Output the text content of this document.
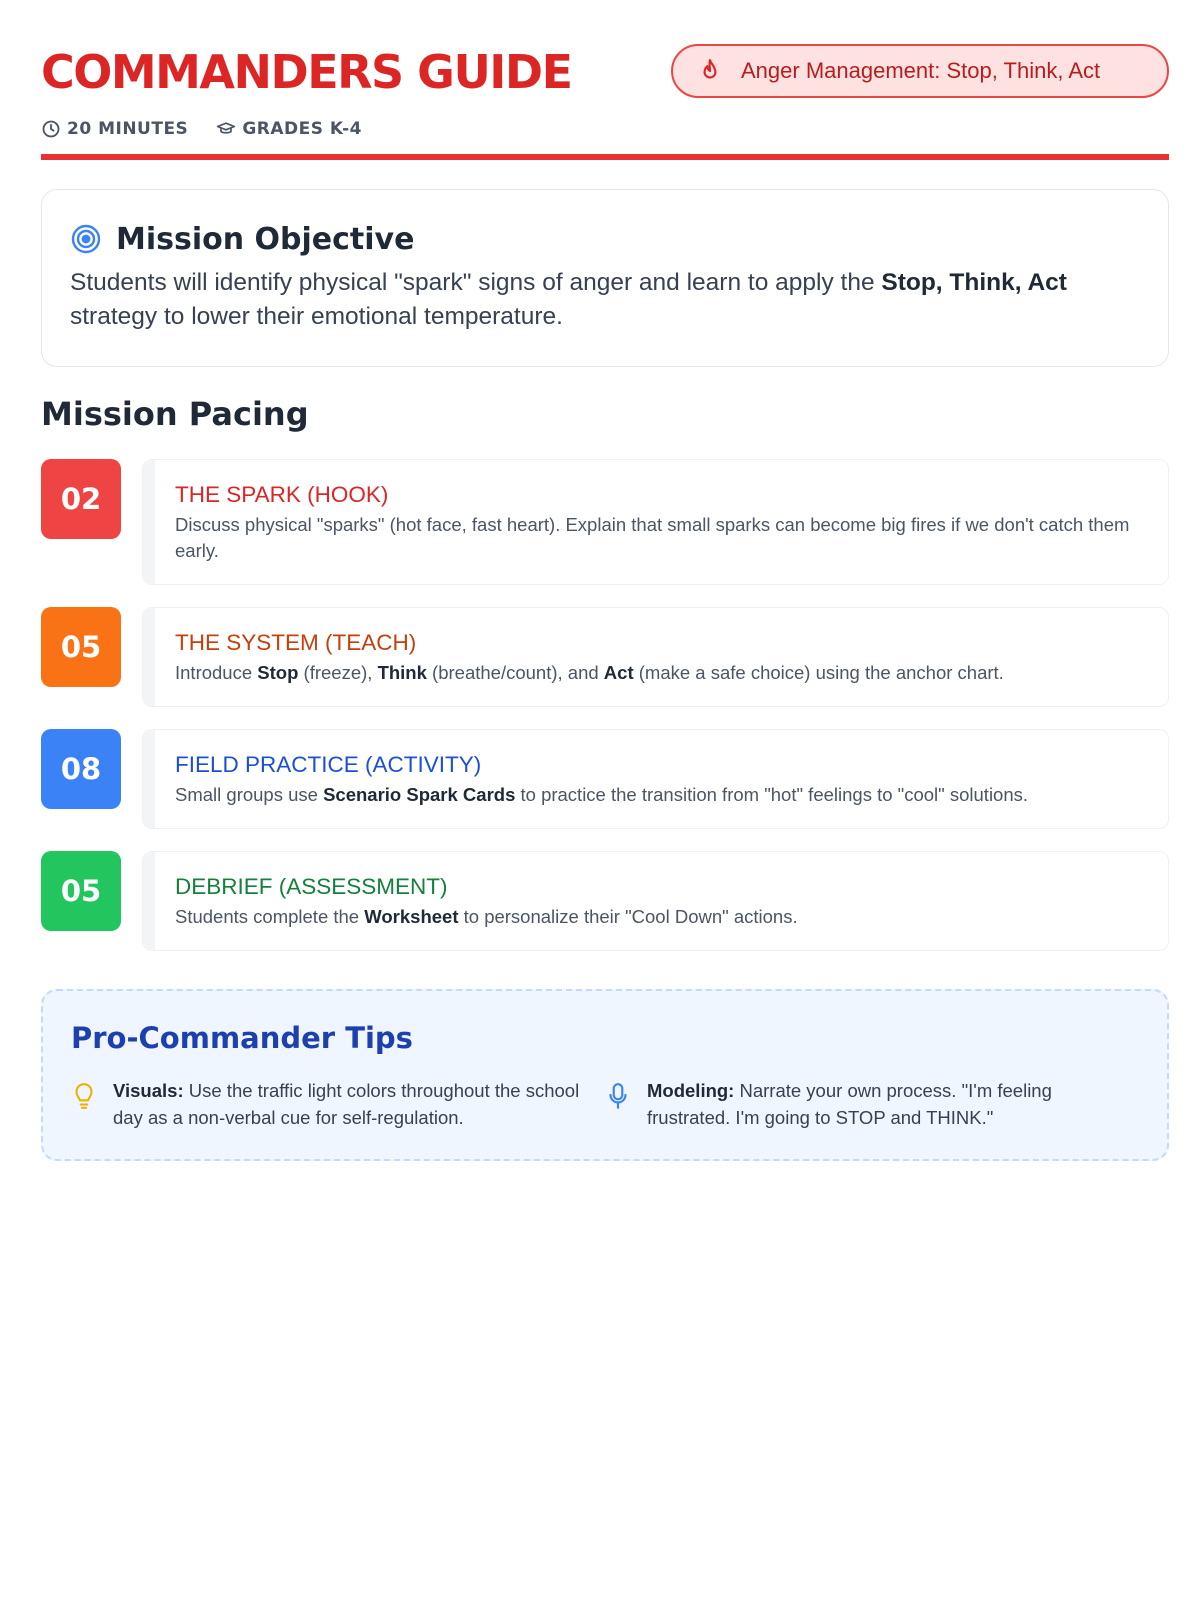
COMMANDERS GUIDE	Anger Management: Stop, Think, Act
20 MINUTES	GRADES K-4
Mission Objective

Students will identify physical "spark" signs of anger and learn to apply the Stop, Think, Act strategy to lower their emotional temperature.

Mission Pacing
02	THE SPARK (HOOK)
Discuss physical "sparks" (hot face, fast heart). Explain that small sparks can become big fires if we don't catch them early.
05	THE SYSTEM (TEACH)
Introduce Stop (freeze), Think (breathe/count), and Act (make a safe choice) using the anchor chart.
08	FIELD PRACTICE (ACTIVITY)
Small groups use Scenario Spark Cards to practice the transition from "hot" feelings to "cool" solutions.
05	DEBRIEF (ASSESSMENT)
Students complete the Worksheet to personalize their "Cool Down" actions.
Pro-Commander Tips

Visuals: Use the traffic light colors throughout the school day as a non-verbal cue for self-regulation.

Modeling: Narrate your own process. "I'm feeling frustrated. I'm going to STOP and THINK."
